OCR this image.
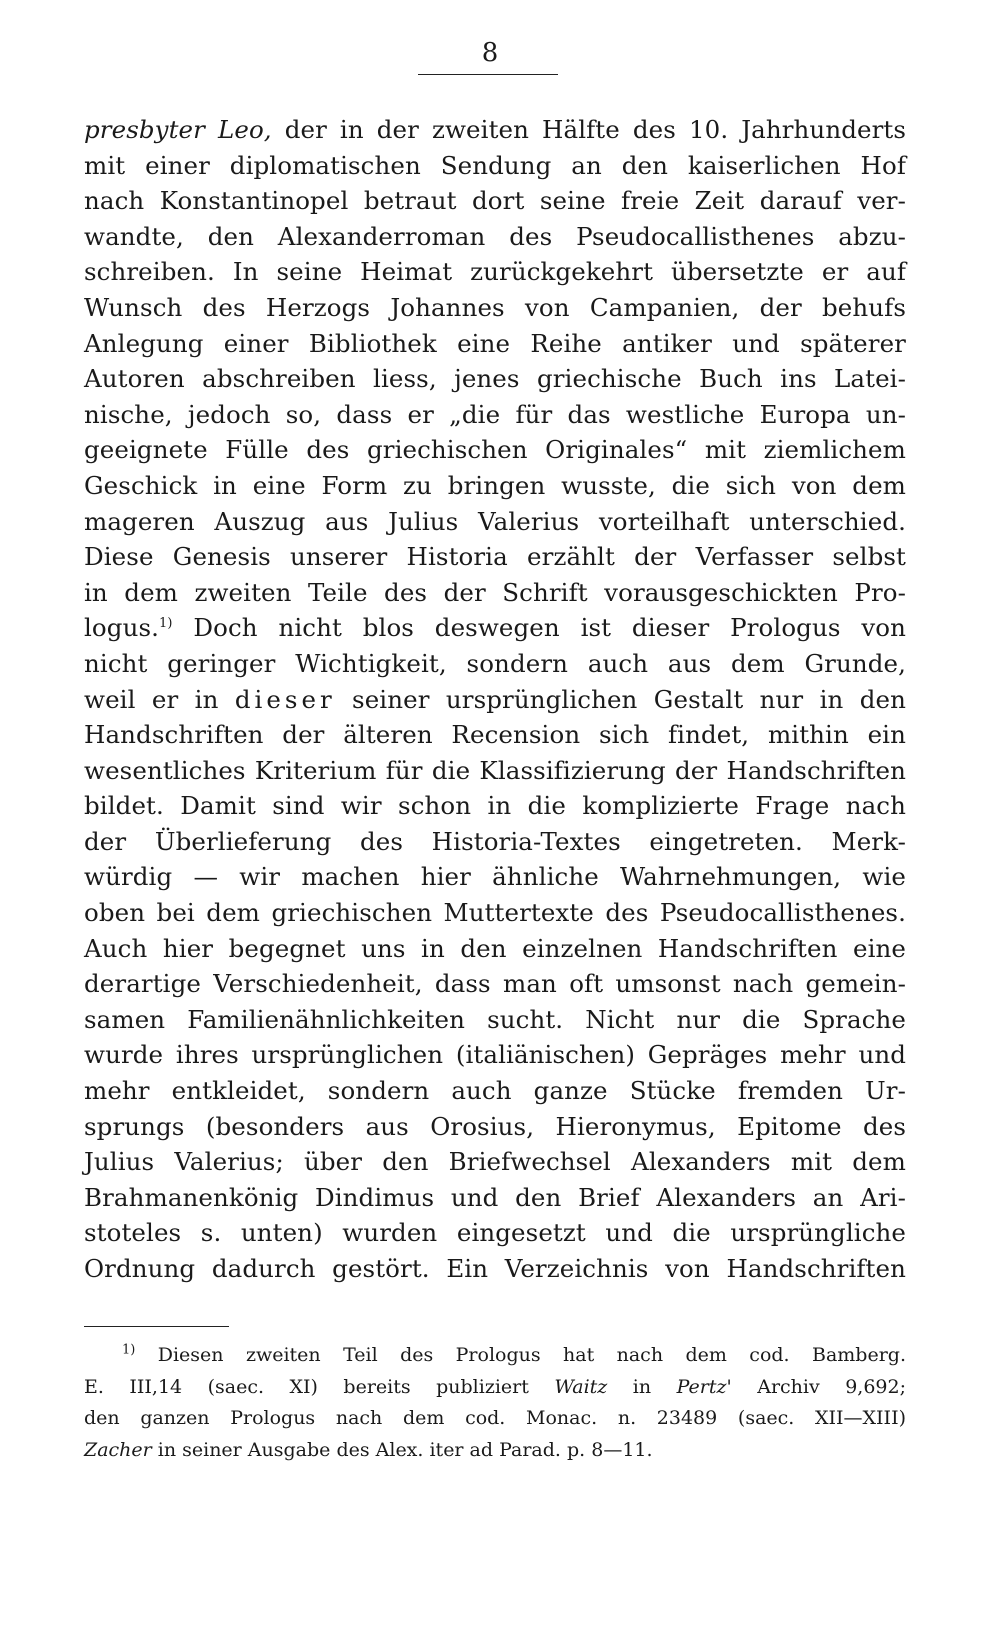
8
presbyter Leo, der in der zweiten Hälfte des 10. Jahrhunderts
mit einer diplomatischen Sendung an den kaiserlichen Hof
nach Konstantinopel betraut dort seine freie Zeit darauf ver-
wandte, den Alexanderroman des Pseudocallisthenes abzu-
schreiben. In seine Heimat zurückgekehrt übersetzte er auf
Wunsch des Herzogs Johannes von Campanien, der behufs
Anlegung einer Bibliothek eine Reihe antiker und späterer
Autoren abschreiben liess, jenes griechische Buch ins Latei-
nische, jedoch so, dass er „die für das westliche Europa un-
geeignete Fülle des griechischen Originales“ mit ziemlichem
Geschick in eine Form zu bringen wusste, die sich von dem
mageren Auszug aus Julius Valerius vorteilhaft unterschied.
Diese Genesis unserer Historia erzählt der Verfasser selbst
in dem zweiten Teile des der Schrift vorausgeschickten Pro-
logus.$^{1)}$ Doch nicht blos deswegen ist dieser Prologus von
nicht geringer Wichtigkeit, sondern auch aus dem Grunde,
weil er in dieser seiner ursprünglichen Gestalt nur in den
Handschriften der älteren Recension sich findet, mithin ein
wesentliches Kriterium für die Klassifizierung der Handschriften
bildet. Damit sind wir schon in die komplizierte Frage nach
der Überlieferung des Historia-Textes eingetreten. Merk-
würdig — wir machen hier ähnliche Wahrnehmungen, wie
oben bei dem griechischen Muttertexte des Pseudocallisthenes.
Auch hier begegnet uns in den einzelnen Handschriften eine
derartige Verschiedenheit, dass man oft umsonst nach gemein-
samen Familienähnlichkeiten sucht. Nicht nur die Sprache
wurde ihres ursprünglichen (italiänischen) Gepräges mehr und
mehr entkleidet, sondern auch ganze Stücke fremden Ur-
sprungs (besonders aus Orosius, Hieronymus, Epitome des
Julius Valerius; über den Briefwechsel Alexanders mit dem
Brahmanenkönig Dindimus und den Brief Alexanders an Ari-
stoteles s. unten) wurden eingesetzt und die ursprüngliche
Ordnung dadurch gestört. Ein Verzeichnis von Handschriften
$^{1)}$ Diesen zweiten Teil des Prologus hat nach dem cod. Bamberg.
E. III,14 (saec. XI) bereits publiziert Waitz in Pertz' Archiv 9,692;
den ganzen Prologus nach dem cod. Monac. n. 23489 (saec. XII—XIII)
Zacher in seiner Ausgabe des Alex. iter ad Parad. p. 8—11.
